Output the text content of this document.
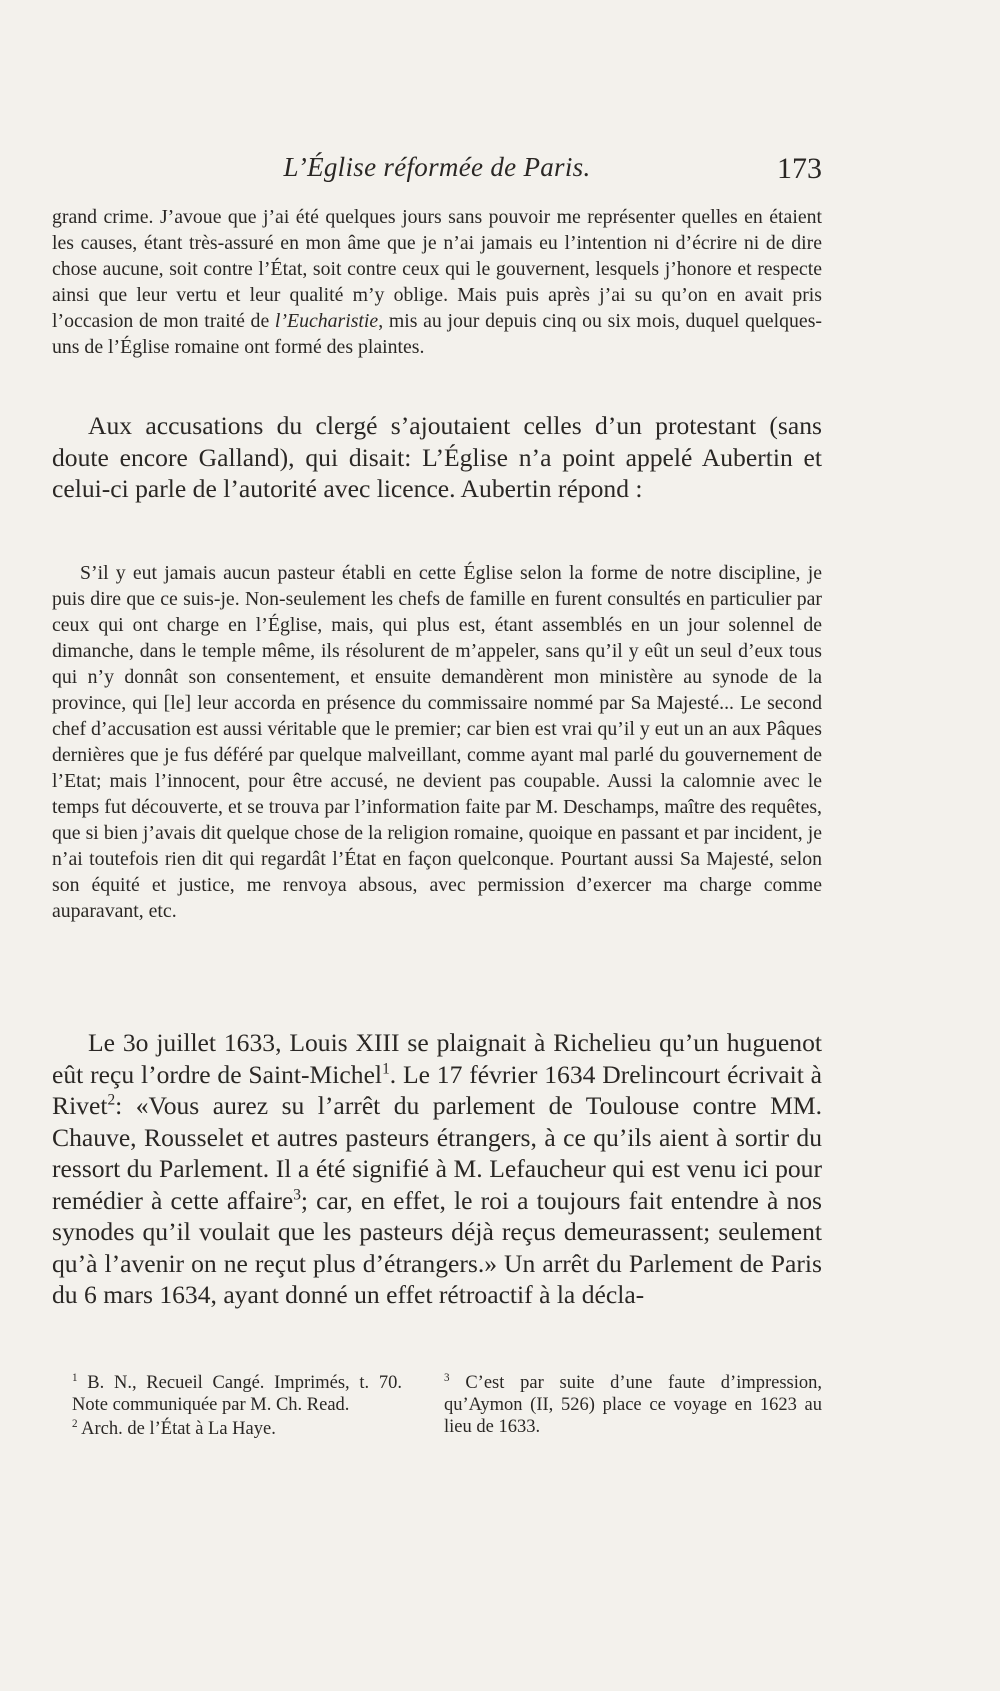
L’Église réformée de Paris.	173

grand crime. J’avoue que j’ai été quelques jours sans pouvoir me représenter quelles en étaient les causes, étant très-assuré en mon âme que je n’ai jamais eu l’intention ni d’écrire ni de dire chose aucune, soit contre l’État, soit contre ceux qui le gouvernent, lesquels j’honore et respecte ainsi que leur vertu et leur qualité m’y oblige. Mais puis après j’ai su qu’on en avait pris l’occasion de mon traité de l’Eucharistie, mis au jour depuis cinq ou six mois, duquel quelques-uns de l’Église romaine ont formé des plaintes.

Aux accusations du clergé s’ajoutaient celles d’un protestant (sans doute encore Galland), qui disait: L’Église n’a point appelé Aubertin et celui-ci parle de l’autorité avec licence. Aubertin répond :

S’il y eut jamais aucun pasteur établi en cette Église selon la forme de notre discipline, je puis dire que ce suis-je. Non-seulement les chefs de famille en furent consultés en particulier par ceux qui ont charge en l’Église, mais, qui plus est, étant assemblés en un jour solennel de dimanche, dans le temple même, ils résolurent de m’appeler, sans qu’il y eût un seul d’eux tous qui n’y donnât son consentement, et ensuite demandèrent mon ministère au synode de la province, qui [le] leur accorda en présence du commissaire nommé par Sa Majesté... Le second chef d’accusation est aussi véritable que le premier; car bien est vrai qu’il y eut un an aux Pâques dernières que je fus déféré par quelque malveillant, comme ayant mal parlé du gouvernement de l’Etat; mais l’innocent, pour être accusé, ne devient pas coupable. Aussi la calomnie avec le temps fut découverte, et se trouva par l’information faite par M. Deschamps, maître des requêtes, que si bien j’avais dit quelque chose de la religion romaine, quoique en passant et par incident, je n’ai toutefois rien dit qui regardât l’État en façon quelconque. Pourtant aussi Sa Majesté, selon son équité et justice, me renvoya absous, avec permission d’exercer ma charge comme auparavant, etc.

Le 3o juillet 1633, Louis XIII se plaignait à Richelieu qu’un huguenot eût reçu l’ordre de Saint-Michel$^1$. Le 17 février 1634 Drelincourt écrivait à Rivet$^2$: «Vous aurez su l’arrêt du parlement de Toulouse contre MM. Chauve, Rousselet et autres pasteurs étrangers, à ce qu’ils aient à sortir du ressort du Parlement. Il a été signifié à M. Lefaucheur qui est venu ici pour remédier à cette affaire$^3$; car, en effet, le roi a toujours fait entendre à nos synodes qu’il voulait que les pasteurs déjà reçus demeurassent; seulement qu’à l’avenir on ne reçut plus d’étrangers.» Un arrêt du Parlement de Paris du 6 mars 1634, ayant donné un effet rétroactif à la décla-

$^1$ B. N., Recueil Cangé. Imprimés, t. 70. Note communiquée par M. Ch. Read.

$^2$ Arch. de l’État à La Haye.

$^3$ C’est par suite d’une faute d’impression, qu’Aymon (II, 526) place ce voyage en 1623 au lieu de 1633.
